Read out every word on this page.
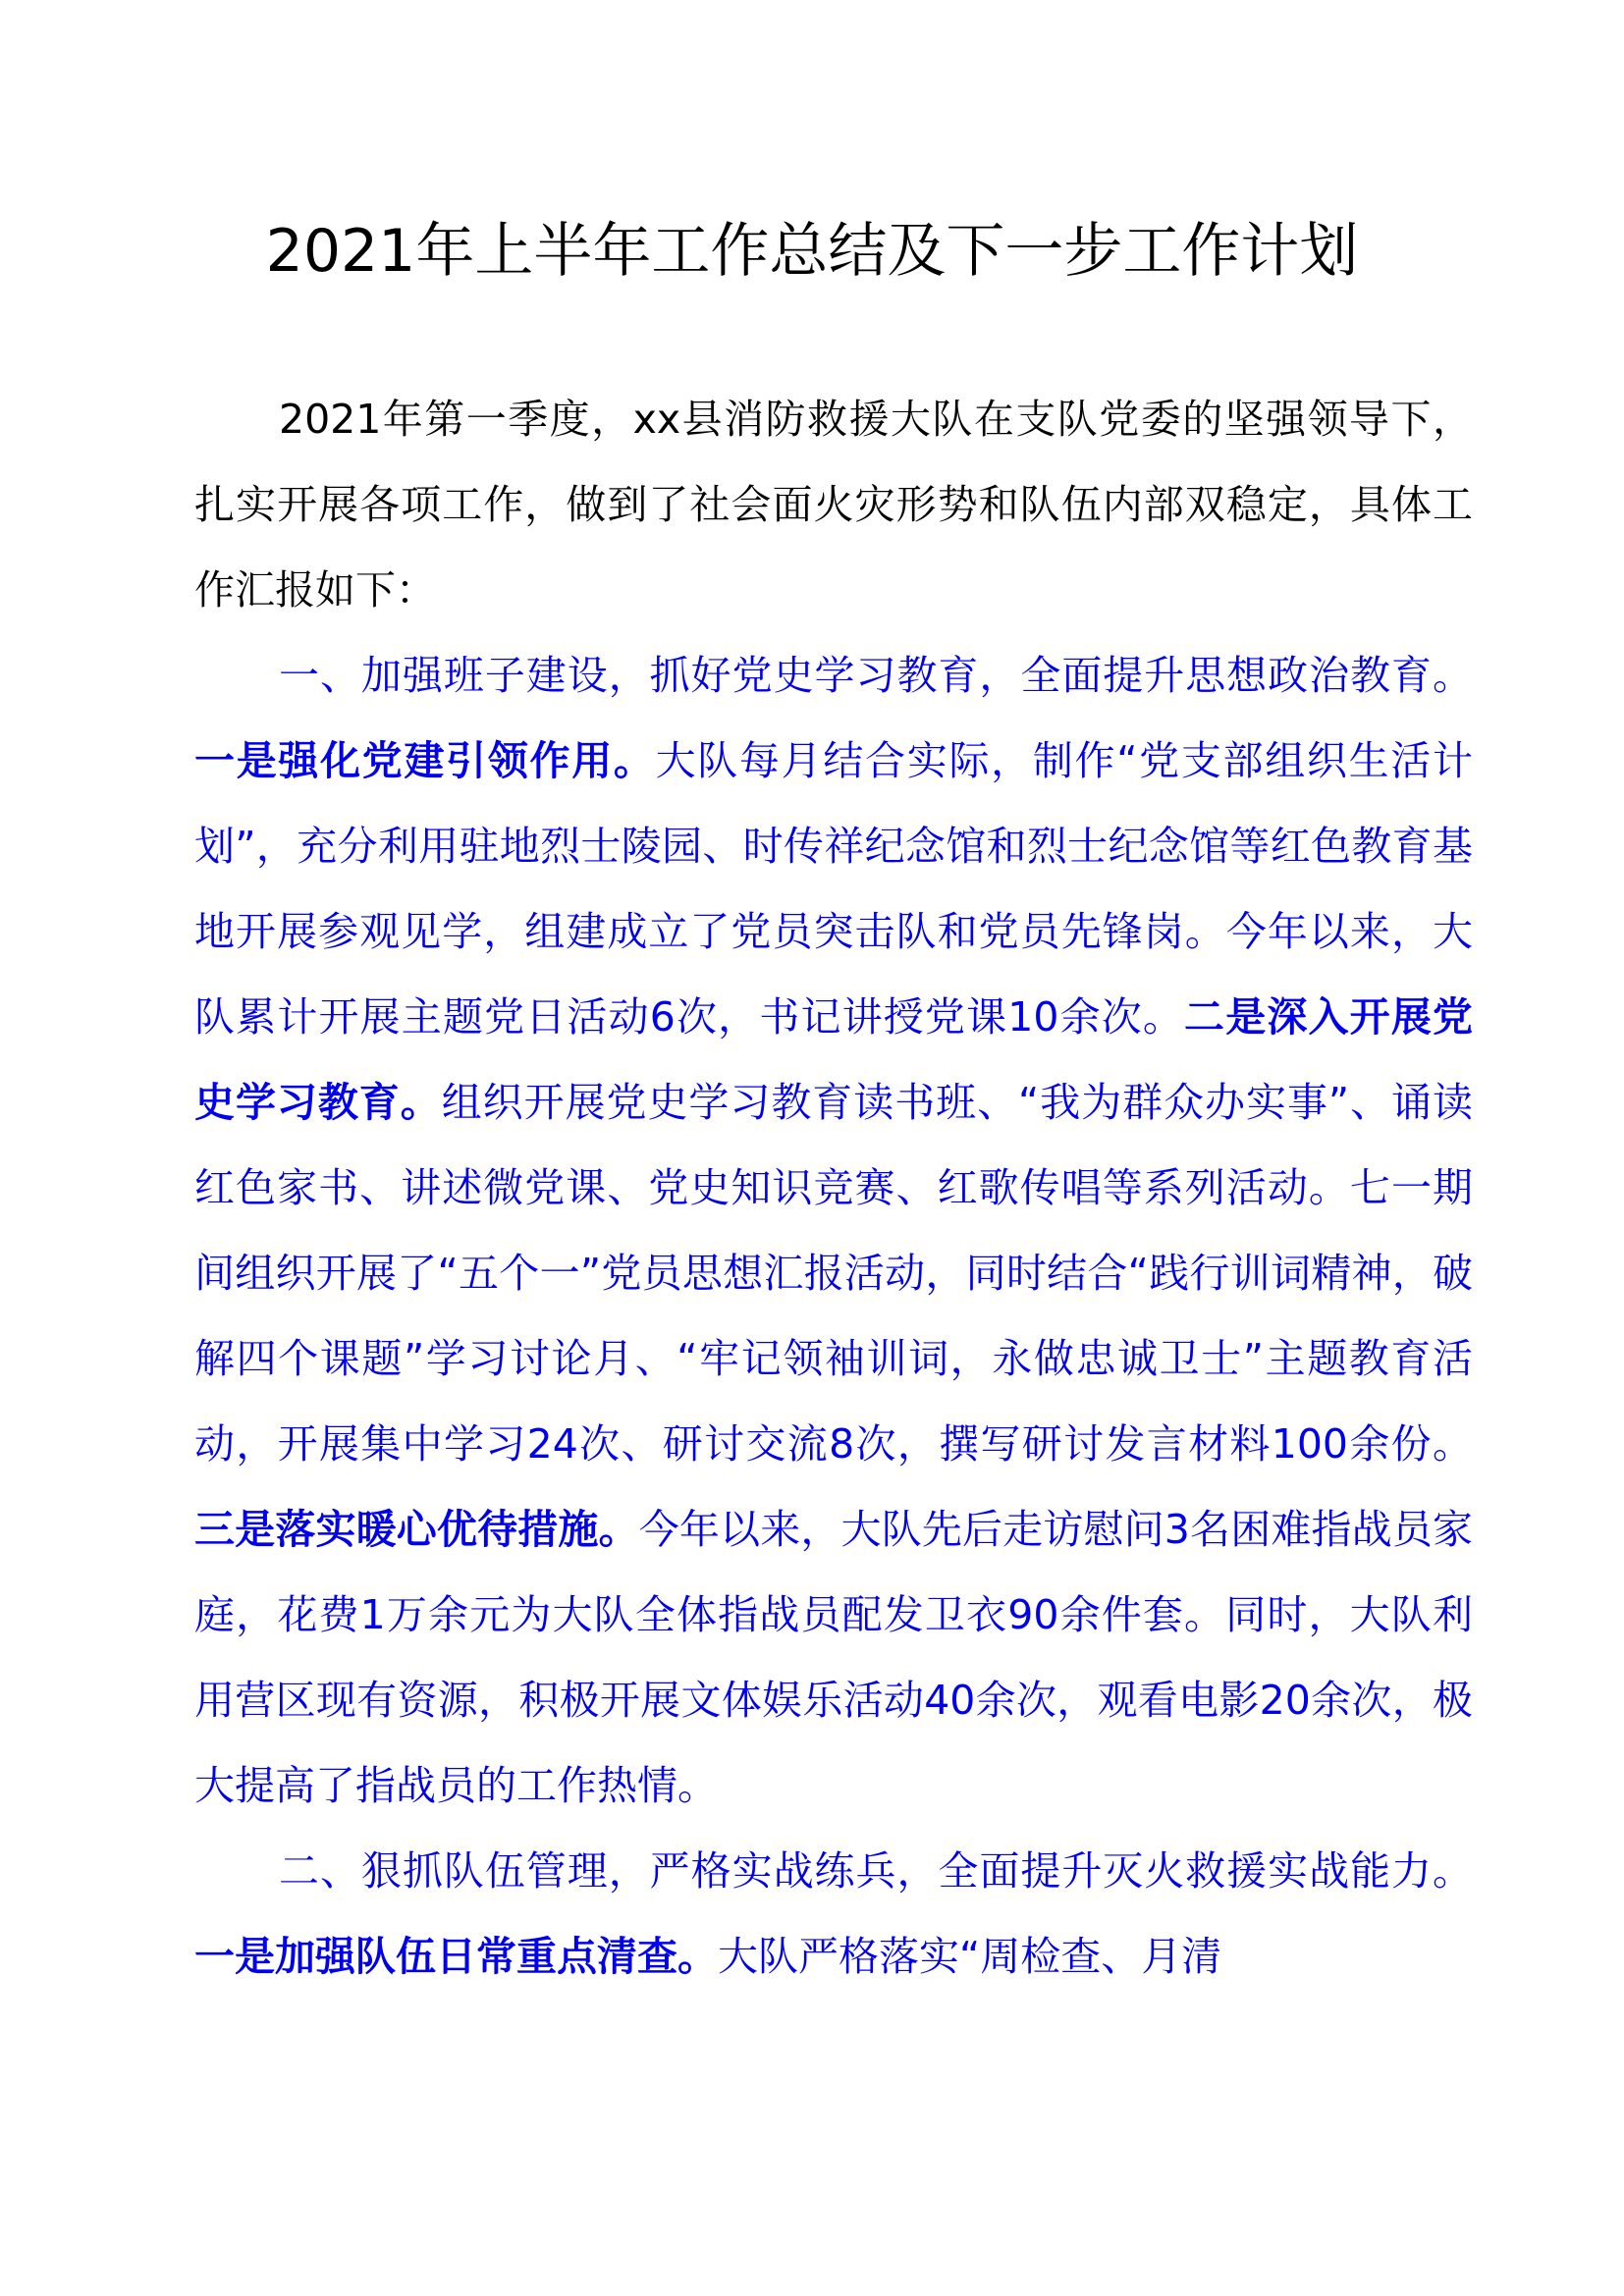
2021年上半年工作总结及下一步工作计划

2021年第一季度，xx县消防救援大队在支队党委的坚强领导下，扎实开展各项工作，做到了社会面火灾形势和队伍内部双稳定，具体工作汇报如下：

一、加强班子建设，抓好党史学习教育，全面提升思想政治教育。一是强化党建引领作用。大队每月结合实际，制作“党支部组织生活计划”，充分利用驻地烈士陵园、时传祥纪念馆和烈士纪念馆等红色教育基地开展参观见学，组建成立了党员突击队和党员先锋岗。今年以来，大队累计开展主题党日活动6次，书记讲授党课10余次。二是深入开展党史学习教育。组织开展党史学习教育读书班、“我为群众办实事”、诵读红色家书、讲述微党课、党史知识竞赛、红歌传唱等系列活动。七一期间组织开展了“五个一”党员思想汇报活动，同时结合“践行训词精神，破解四个课题”学习讨论月、“牢记领袖训词，永做忠诚卫士”主题教育活动，开展集中学习24次、研讨交流8次，撰写研讨发言材料100余份。三是落实暖心优待措施。今年以来，大队先后走访慰问3名困难指战员家庭，花费1万余元为大队全体指战员配发卫衣90余件套。同时，大队利用营区现有资源，积极开展文体娱乐活动40余次，观看电影20余次，极大提高了指战员的工作热情。

二、狠抓队伍管理，严格实战练兵，全面提升灭火救援实战能力。一是加强队伍日常重点清查。大队严格落实“周检查、月清
